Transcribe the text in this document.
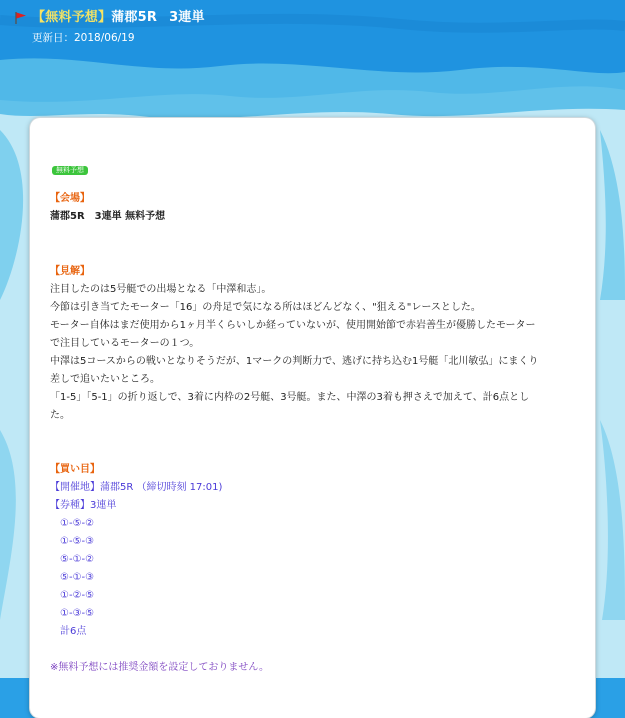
【無料予想】蒲郡5R 3連単
更新日：2018/06/19
無料予想
【会場】
蒲郡5R　3連単 無料予想
【見解】
注目したのは5号艇での出場となる「中澤和志」。
今節は引き当てたモーター「16」の舟足で気になる所はほどんどなく、"狙える"レースとした。
モーター自体はまだ使用から1ヶ月半くらいしか経っていないが、使用開始節で赤岩善生が優勝したモーター
で注目しているモーターの１つ。
中澤は5コースからの戦いとなりそうだが、1マークの判断力で、逃げに持ち込む1号艇「北川敏弘」にまくり
差しで追いたいところ。
「1-5」「5-1」の折り返しで、3着に内枠の2号艇、3号艇。また、中澤の3着も押さえで加えて、計6点とし
た。
【買い目】
【開催地】蒲郡5R （締切時刻 17:01)
【券種】3連単
①-⑤-②
①-⑤-③
⑤-①-②
⑤-①-③
①-②-⑤
①-③-⑤
計6点
※無料予想には推奨金額を設定しておりません。
